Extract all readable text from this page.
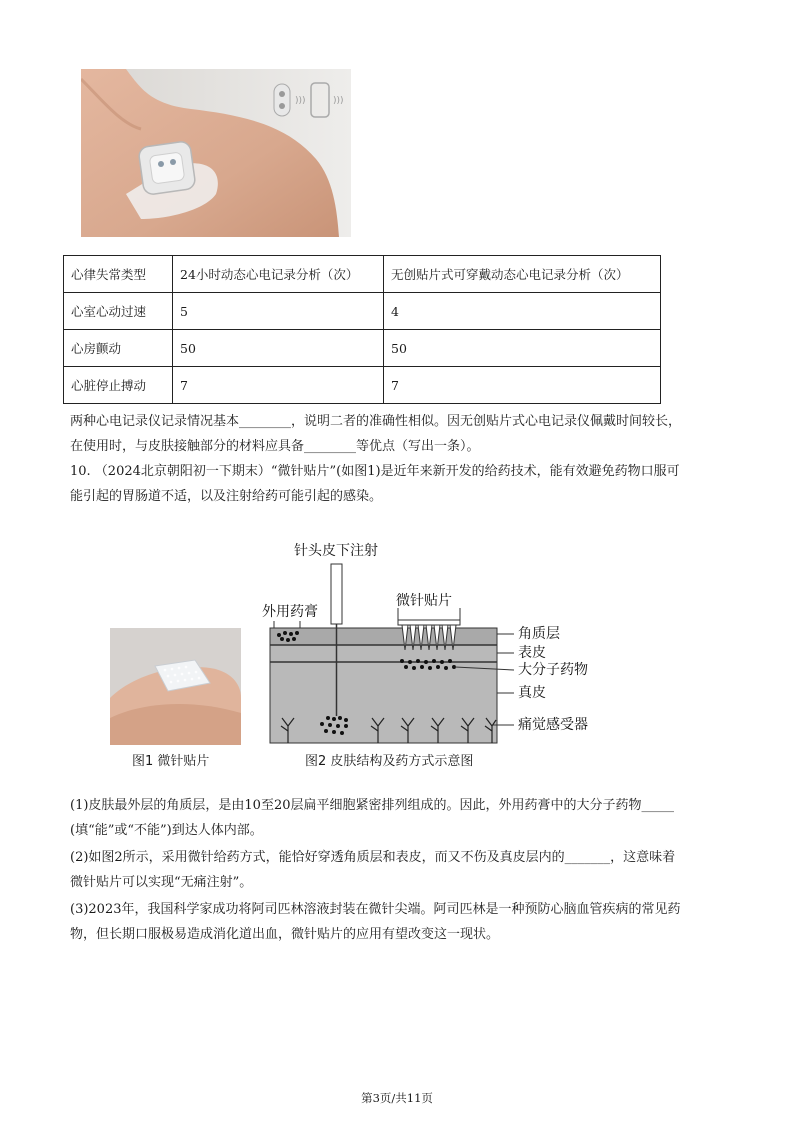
)))	)))
心律失常类型	24小时动态心电记录分析（次）	无创贴片式可穿戴动态心电记录分析（次）
心室心动过速	5	4
心房颤动	50	50
心脏停止搏动	7	7

两种心电记录仪记录情况基本________，说明二者的准确性相似。因无创贴片式心电记录仪佩戴时间较长，
在使用时，与皮肤接触部分的材料应具备________等优点（写出一条）。

10. （2024北京朝阳初一下期末）“微针贴片”(如图1)是近年来新开发的给药技术，能有效避免药物口服可
能引起的胃肠道不适，以及注射给药可能引起的感染。

图1 微针贴片
针头皮下注射
外用药膏
微针贴片
角质层
表皮
大分子药物
真皮
痛觉感受器
图2 皮肤结构及药方式示意图

(1)皮肤最外层的角质层，是由10至20层扁平细胞紧密排列组成的。因此，外用药膏中的大分子药物_____
(填“能”或“不能”)到达人体内部。

(2)如图2所示，采用微针给药方式，能恰好穿透角质层和表皮，而又不伤及真皮层内的_______，这意味着
微针贴片可以实现“无痛注射”。

(3)2023年，我国科学家成功将阿司匹林溶液封装在微针尖端。阿司匹林是一种预防心脑血管疾病的常见药
物，但长期口服极易造成消化道出血，微针贴片的应用有望改变这一现状。

第3页/共11页
